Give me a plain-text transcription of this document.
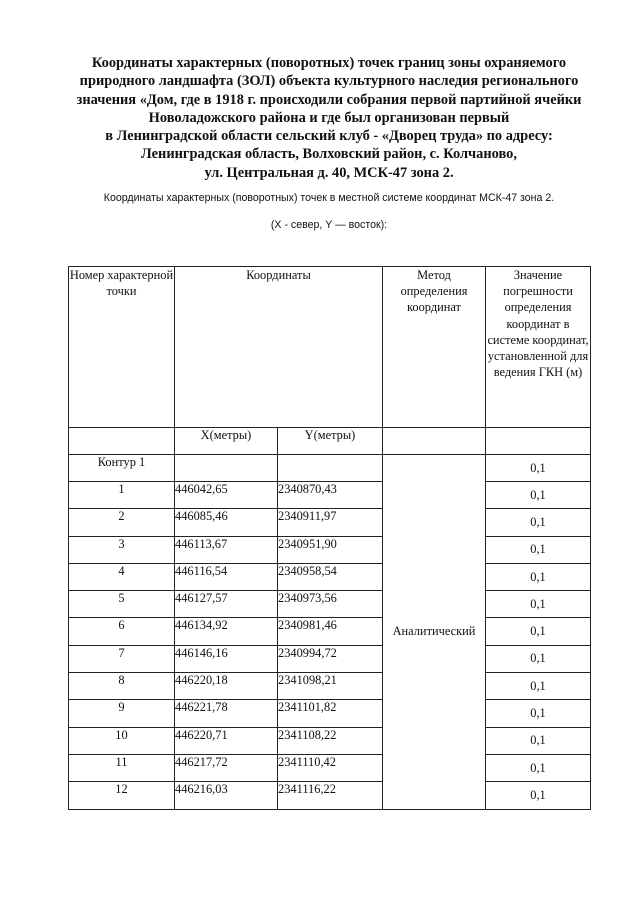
Координаты характерных (поворотных) точек границ зоны охраняемого
природного ландшафта (ЗОЛ) объекта культурного наследия регионального
значения «Дом, где в 1918 г. происходили собрания первой партийной ячейки
Новоладожского района и где был организован первый
в Ленинградской области сельский клуб - «Дворец труда» по адресу:
Ленинградская область, Волховский район, с. Колчаново,
ул. Центральная д. 40, МСК-47 зона 2.
Координаты характерных (поворотных) точек в местной системе координат МСК-47 зона 2.
(X - север, Y — восток):
Номер характерной точки	Координаты		Метод определения координат	Значение погрешности определения координат в системе координат, установленной для ведения ГКН (м)
	X(метры)	Y(метры)		
Контур 1			Аналитический	0,1
1	446042,65	2340870,43		0,1
2	446085,46	2340911,97		0,1
3	446113,67	2340951,90		0,1
4	446116,54	2340958,54		0,1
5	446127,57	2340973,56		0,1
6	446134,92	2340981,46		0,1
7	446146,16	2340994,72		0,1
8	446220,18	2341098,21		0,1
9	446221,78	2341101,82		0,1
10	446220,71	2341108,22		0,1
11	446217,72	2341110,42		0,1
12	446216,03	2341116,22		0,1
